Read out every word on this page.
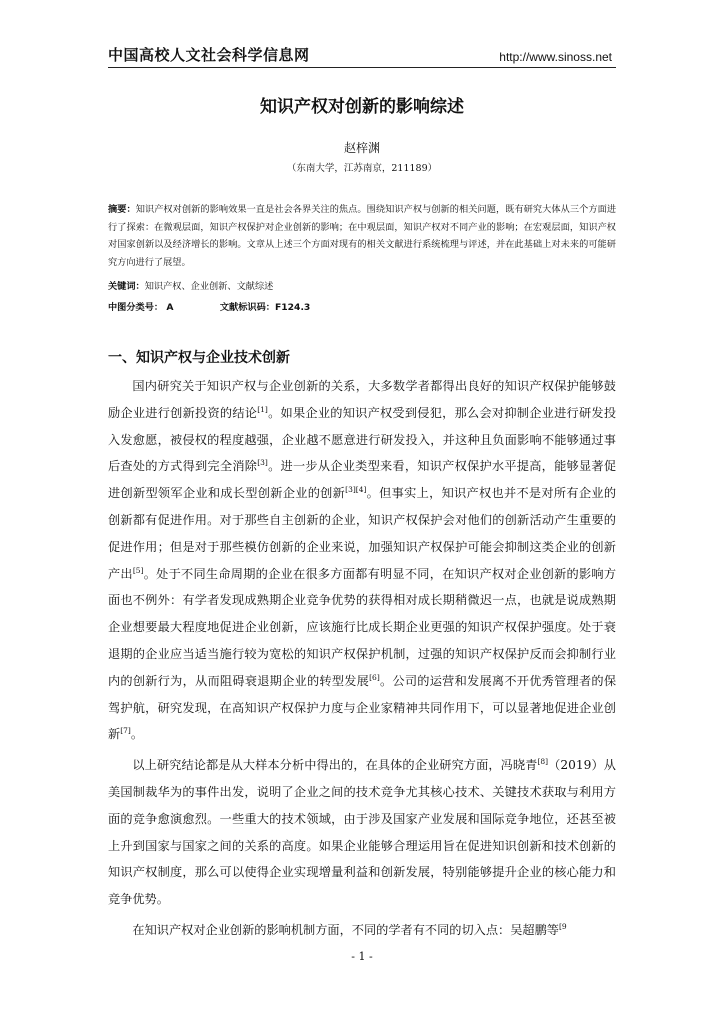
中国高校人文社会科学信息网	http://www.sinoss.net
知识产权对创新的影响综述
赵梓渊
（东南大学，江苏南京，211189）
摘要：知识产权对创新的影响效果一直是社会各界关注的焦点。围绕知识产权与创新的相关问题，既有研究大体从三个方面进行了探索：在微观层面，知识产权保护对企业创新的影响；在中观层面，知识产权对不同产业的影响；在宏观层面，知识产权对国家创新以及经济增长的影响。文章从上述三个方面对现有的相关文献进行系统梳理与评述，并在此基础上对未来的可能研究方向进行了展望。
关键词：知识产权、企业创新、文献综述
中图分类号： A	文献标识码：F124.3
一、知识产权与企业技术创新

国内研究关于知识产权与企业创新的关系，大多数学者都得出良好的知识产权保护能够鼓励企业进行创新投资的结论[1]。如果企业的知识产权受到侵犯，那么会对抑制企业进行研发投入发愈愿，被侵权的程度越强，企业越不愿意进行研发投入，并这种且负面影响不能够通过事后查处的方式得到完全消除[3]。进一步从企业类型来看，知识产权保护水平提高，能够显著促进创新型领军企业和成长型创新企业的创新[3][4]。但事实上，知识产权也并不是对所有企业的创新都有促进作用。对于那些自主创新的企业，知识产权保护会对他们的创新活动产生重要的促进作用；但是对于那些模仿创新的企业来说，加强知识产权保护可能会抑制这类企业的创新产出[5]。处于不同生命周期的企业在很多方面都有明显不同，在知识产权对企业创新的影响方面也不例外：有学者发现成熟期企业竞争优势的获得相对成长期稍微迟一点，也就是说成熟期企业想要最大程度地促进企业创新，应该施行比成长期企业更强的知识产权保护强度。处于衰退期的企业应当适当施行较为宽松的知识产权保护机制，过强的知识产权保护反而会抑制行业内的创新行为，从而阻碍衰退期企业的转型发展[6]。公司的运营和发展离不开优秀管理者的保驾护航，研究发现，在高知识产权保护力度与企业家精神共同作用下，可以显著地促进企业创新[7]。

以上研究结论都是从大样本分析中得出的，在具体的企业研究方面，冯晓青[8]（2019）从美国制裁华为的事件出发，说明了企业之间的技术竞争尤其核心技术、关键技术获取与利用方面的竞争愈演愈烈。一些重大的技术领域，由于涉及国家产业发展和国际竞争地位，还甚至被上升到国家与国家之间的关系的高度。如果企业能够合理运用旨在促进知识创新和技术创新的知识产权制度，那么可以使得企业实现增量利益和创新发展，特别能够提升企业的核心能力和竞争优势。

在知识产权对企业创新的影响机制方面，不同的学者有不同的切入点：吴超鹏等$^{[9}$

- 1 -
